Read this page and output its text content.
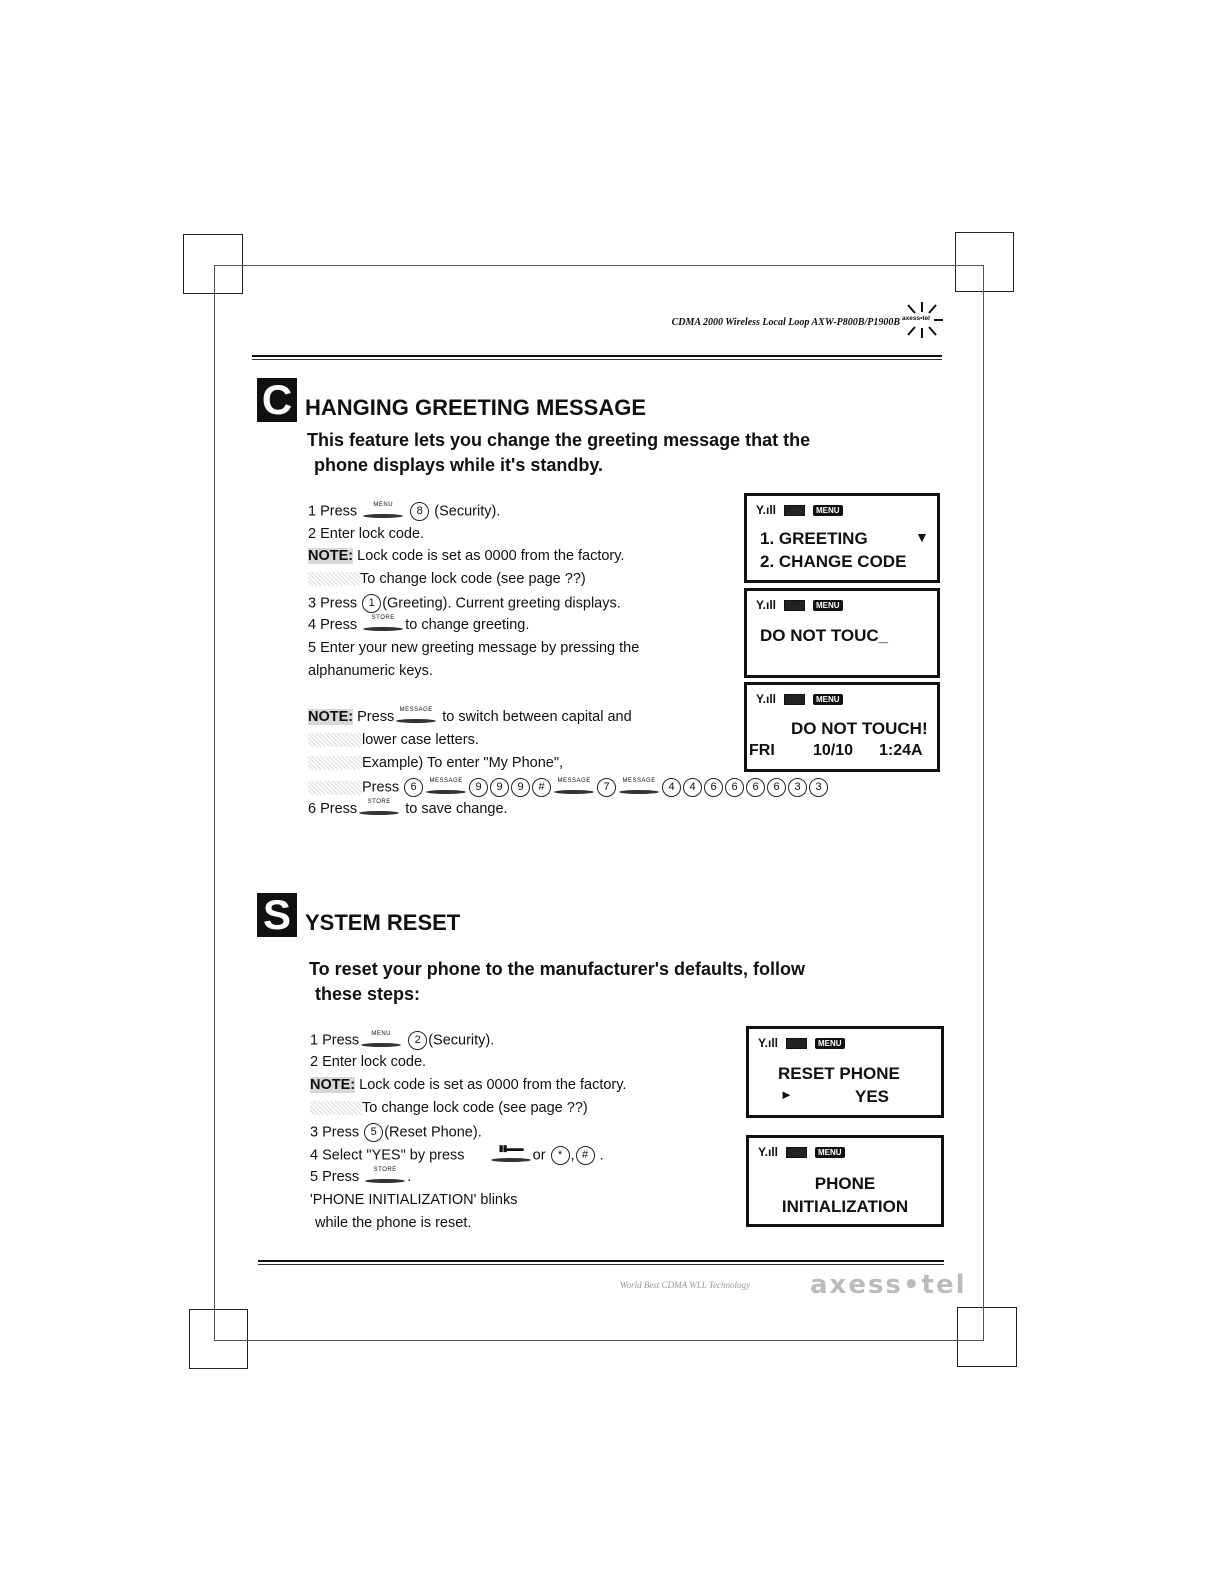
CDMA 2000 Wireless Local Loop AXW-P800B/P1900B axess•tel
C HANGING GREETING MESSAGE
This feature lets you change the greeting message that the
phone displays while it's standby.
1 Press	MENU
8 (Security).
2 Enter lock code.
NOTE: Lock code is set as 0000 from the factory.
To change lock code (see page ??)
3 Press 1 (Greeting). Current greeting displays.
4 Press	STORE to change greeting.
5 Enter your new greeting message by pressing the
alphanumeric keys.
NOTE: Press MESSAGE to switch between capital and
lower case letters.
Example) To enter "My Phone",
Press 6
MESSAGE
9 9 9 #
MESSAGE
7
MESSAGE
4 4 6 6 6 6 3 3
6 Press	STORE	to save change.
Y.ıll	MENU
1. GREETING	▼
2. CHANGE CODE
Y.ıll	MENU
DO NOT TOUC_
Y.ıll	MENU
DO NOT TOUCH!
FRI 10/10 1:24A
S YSTEM RESET
To reset your phone to the manufacturer's defaults, follow
these steps:
1 Press	MENU
2 (Security).
2 Enter lock code.
NOTE: Lock code is set as 0000 from the factory.
To change lock code (see page ??)
3 Press 5 (Reset Phone).
4 Select "YES" by press	▮▮▬▬ or * , # .
5 Press	STORE .
'PHONE INITIALIZATION' blinks
while the phone is reset.
Y.ıll	MENU
RESET PHONE
►	YES
Y.ıll	MENU
PHONE
INITIALIZATION
World Best CDMA WLL Technology axess•tel
